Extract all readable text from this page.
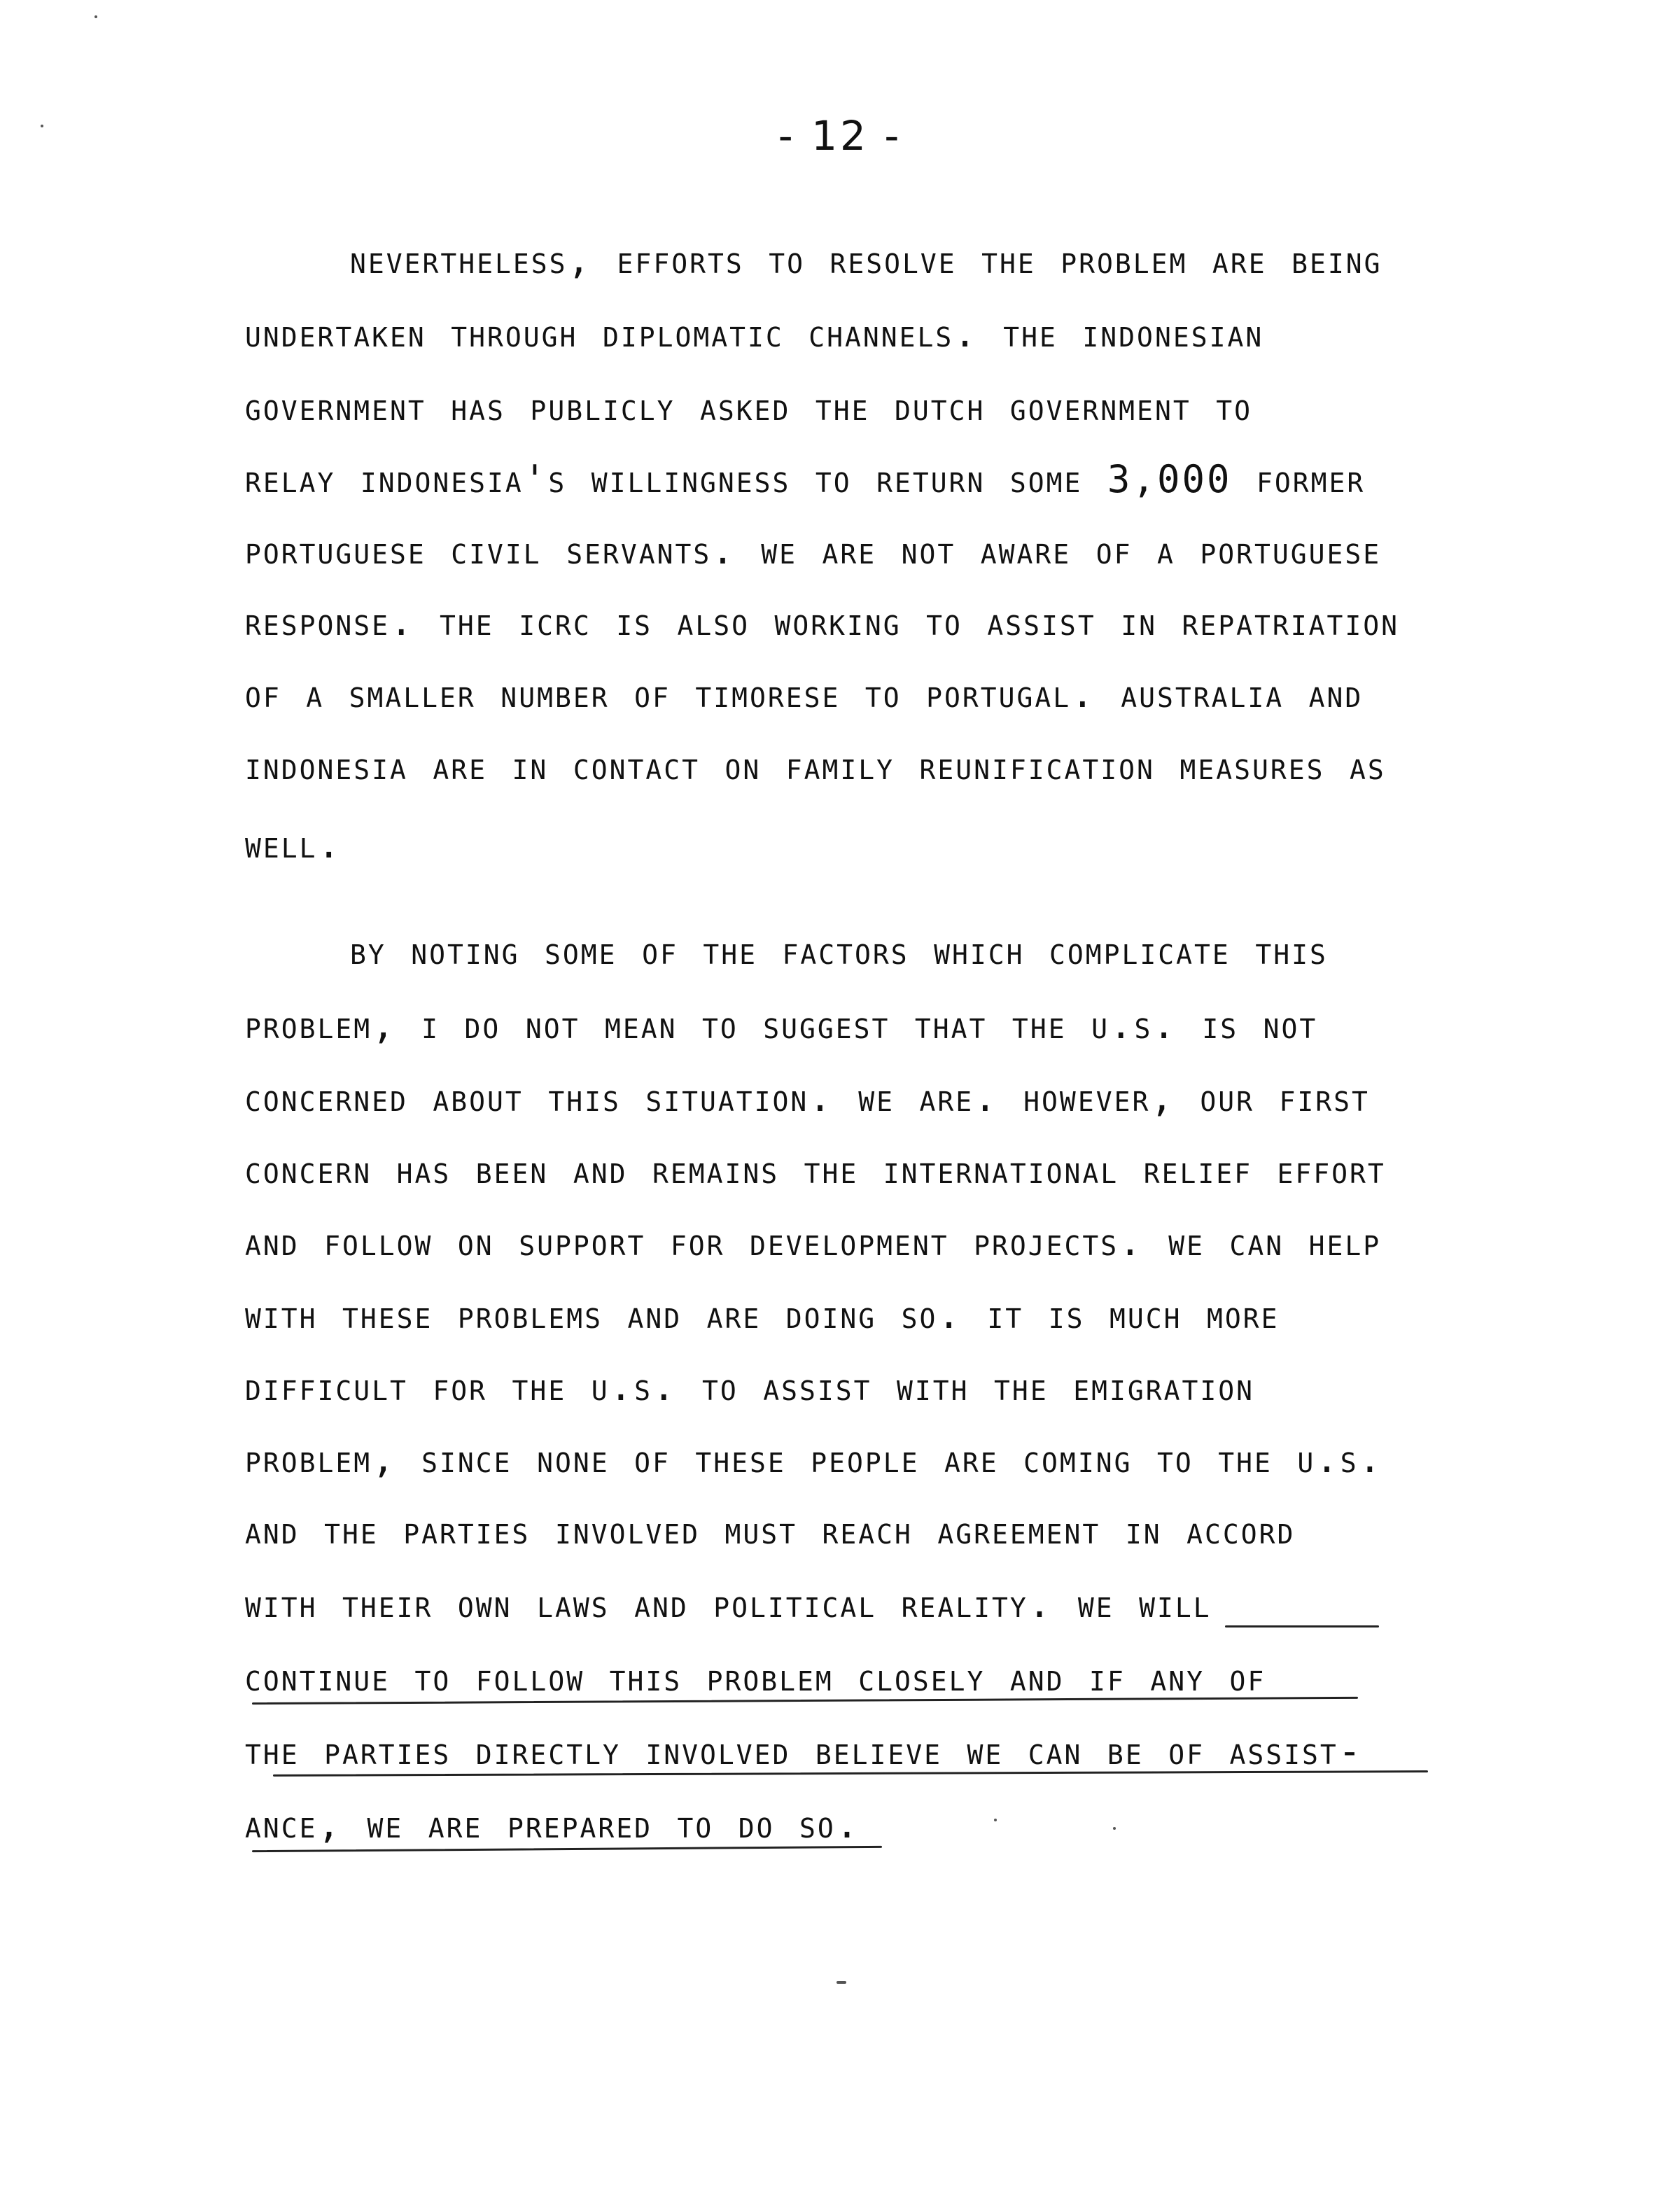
- 12 -
nevertheless, efforts to resolve the problem are being
undertaken through diplomatic channels. the indonesian
government has publicly asked the dutch government to
relay indonesia's willingness to return some 3,000 former
portuguese civil servants. we are not aware of a portuguese
response. the icrc is also working to assist in repatriation
of a smaller number of timorese to portugal. australia and
indonesia are in contact on family reunification measures as
well.
by noting some of the factors which complicate this
problem, i do not mean to suggest that the u.s. is not
concerned about this situation. we are. however, our first
concern has been and remains the international relief effort
and follow on support for development projects. we can help
with these problems and are doing so. it is much more
difficult for the u.s. to assist with the emigration
problem, since none of these people are coming to the u.s.
and the parties involved must reach agreement in accord
with their own laws and political reality. we will
continue to follow this problem closely and if any of
the parties directly involved believe we can be of assist-
ance, we are prepared to do so.
